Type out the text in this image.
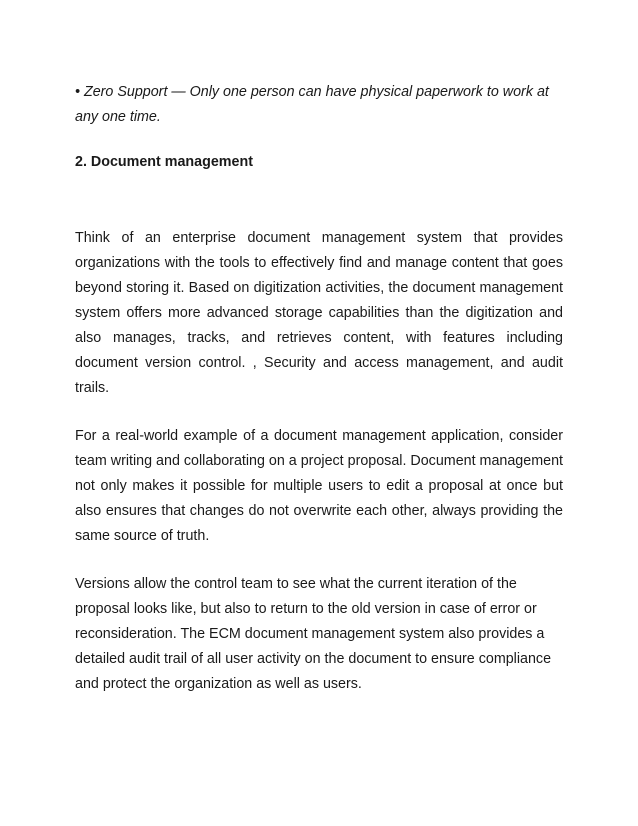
• Zero Support — Only one person can have physical paperwork to work at any one time.

2. Document management

Think of an enterprise document management system that provides organizations with the tools to effectively find and manage content that goes beyond storing it. Based on digitization activities, the document management system offers more advanced storage capabilities than the digitization and also manages, tracks, and retrieves content, with features including document version control. , Security and access management, and audit trails.

For a real-world example of a document management application, consider team writing and collaborating on a project proposal. Document management not only makes it possible for multiple users to edit a proposal at once but also ensures that changes do not overwrite each other, always providing the same source of truth.

Versions allow the control team to see what the current iteration of the proposal looks like, but also to return to the old version in case of error or reconsideration. The ECM document management system also provides a detailed audit trail of all user activity on the document to ensure compliance and protect the organization as well as users.
